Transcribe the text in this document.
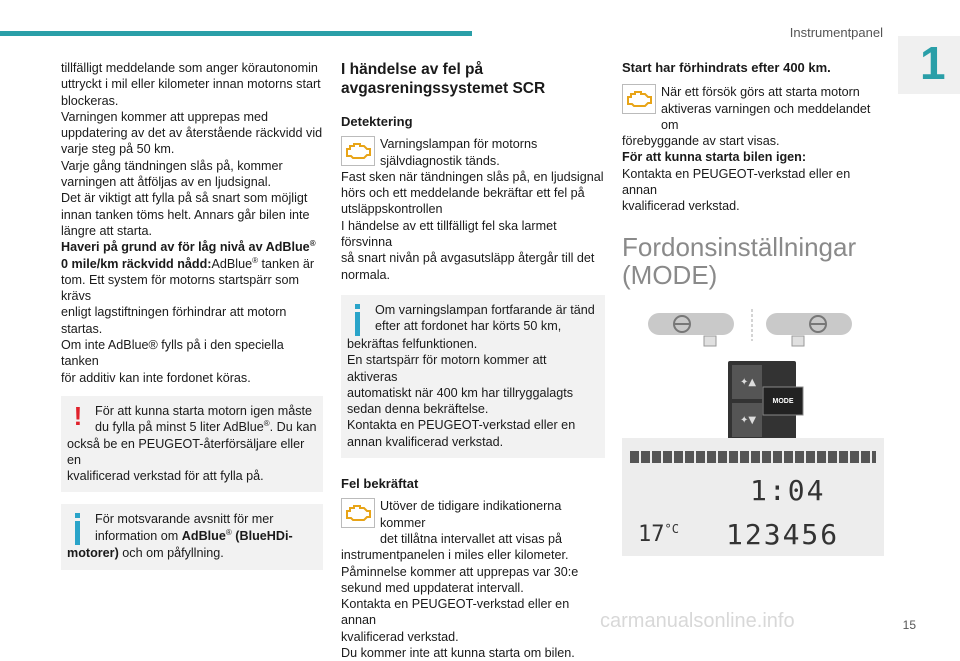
Instrumentpanel
1

tillfälligt meddelande som anger körautonomin

uttryckt i mil eller kilometer innan motorns start

blockeras.

Varningen kommer att upprepas med

uppdatering av det av återstående räckvidd vid

varje steg på 50 km.

Varje gång tändningen slås på, kommer

varningen att åtföljas av en ljudsignal.

Det är viktigt att fylla på så snart som möjligt

innan tanken töms helt. Annars går bilen inte

längre att starta.

Haveri på grund av för låg nivå av AdBlue®

0 mile/km räckvidd nådd:AdBlue® tanken är

tom. Ett system för motorns startspärr som krävs

enligt lagstiftningen förhindrar att motorn startas.

Om inte AdBlue® fylls på i den speciella tanken

för additiv kan inte fordonet köras.

!	För att kunna starta motorn igen måste

du fylla på minst 5 liter AdBlue®. Du kan

också be en PEUGEOT-återförsäljare eller en

kvalificerad verkstad för att fylla på.

För motsvarande avsnitt för mer

information om AdBlue® (BlueHDi-

motorer) och om påfyllning.

I händelse av fel på

avgasreningssystemet SCR

Detektering

Varningslampan för motorns

självdiagnostik tänds.

Fast sken när tändningen slås på, en ljudsignal

hörs och ett meddelande bekräftar ett fel på

utsläppskontrollen

I händelse av ett tillfälligt fel ska larmet försvinna

så snart nivån på avgasutsläpp återgår till det

normala.

Om varningslampan fortfarande är tänd

efter att fordonet har körts 50 km,

bekräftas felfunktionen.

En startspärr för motorn kommer att aktiveras

automatiskt när 400 km har tillryggalagts

sedan denna bekräftelse.

Kontakta en PEUGEOT-verkstad eller en

annan kvalificerad verkstad.

Fel bekräftat

Utöver de tidigare indikationerna kommer

det tillåtna intervallet att visas på

instrumentpanelen i miles eller kilometer.

Påminnelse kommer att upprepas var 30:e

sekund med uppdaterat intervall.

Kontakta en PEUGEOT-verkstad eller en annan

kvalificerad verkstad.

Du kommer inte att kunna starta om bilen.

Start har förhindrats efter 400 km.

När ett försök görs att starta motorn

aktiveras varningen och meddelandet om

förebyggande av start visas.

För att kunna starta bilen igen:

Kontakta en PEUGEOT-verkstad eller en annan

kvalificerad verkstad.

Fordonsinställningar
(MODE)
✦▲
✦▼
MODE

1:04
$17^{^\circ C}$ 123456
carmanualsonline.info	15
